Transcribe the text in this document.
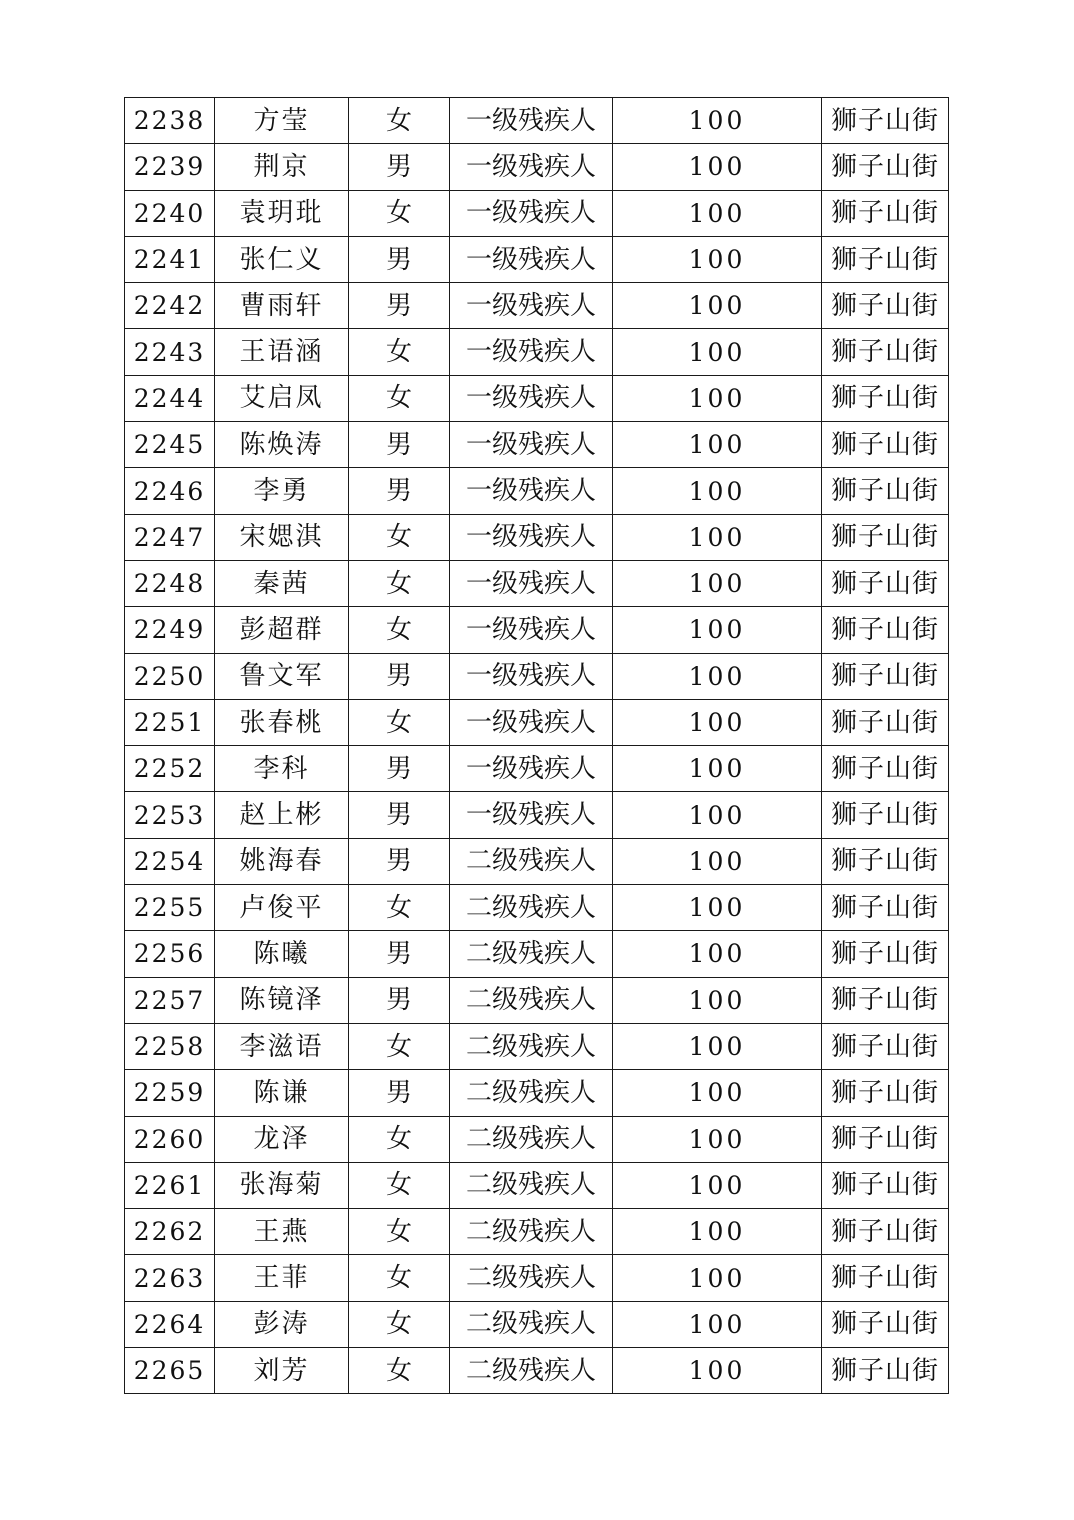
2238	方莹	女	一级残疾人	100	狮子山街
2239	荆京	男	一级残疾人	100	狮子山街
2240	袁玥玭	女	一级残疾人	100	狮子山街
2241	张仁义	男	一级残疾人	100	狮子山街
2242	曹雨轩	男	一级残疾人	100	狮子山街
2243	王语涵	女	一级残疾人	100	狮子山街
2244	艾启凤	女	一级残疾人	100	狮子山街
2245	陈焕涛	男	一级残疾人	100	狮子山街
2246	李勇	男	一级残疾人	100	狮子山街
2247	宋媤淇	女	一级残疾人	100	狮子山街
2248	秦茜	女	一级残疾人	100	狮子山街
2249	彭超群	女	一级残疾人	100	狮子山街
2250	鲁文军	男	一级残疾人	100	狮子山街
2251	张春桃	女	一级残疾人	100	狮子山街
2252	李科	男	一级残疾人	100	狮子山街
2253	赵上彬	男	一级残疾人	100	狮子山街
2254	姚海春	男	二级残疾人	100	狮子山街
2255	卢俊平	女	二级残疾人	100	狮子山街
2256	陈曦	男	二级残疾人	100	狮子山街
2257	陈镜泽	男	二级残疾人	100	狮子山街
2258	李滋语	女	二级残疾人	100	狮子山街
2259	陈谦	男	二级残疾人	100	狮子山街
2260	龙泽	女	二级残疾人	100	狮子山街
2261	张海菊	女	二级残疾人	100	狮子山街
2262	王燕	女	二级残疾人	100	狮子山街
2263	王菲	女	二级残疾人	100	狮子山街
2264	彭涛	女	二级残疾人	100	狮子山街
2265	刘芳	女	二级残疾人	100	狮子山街
